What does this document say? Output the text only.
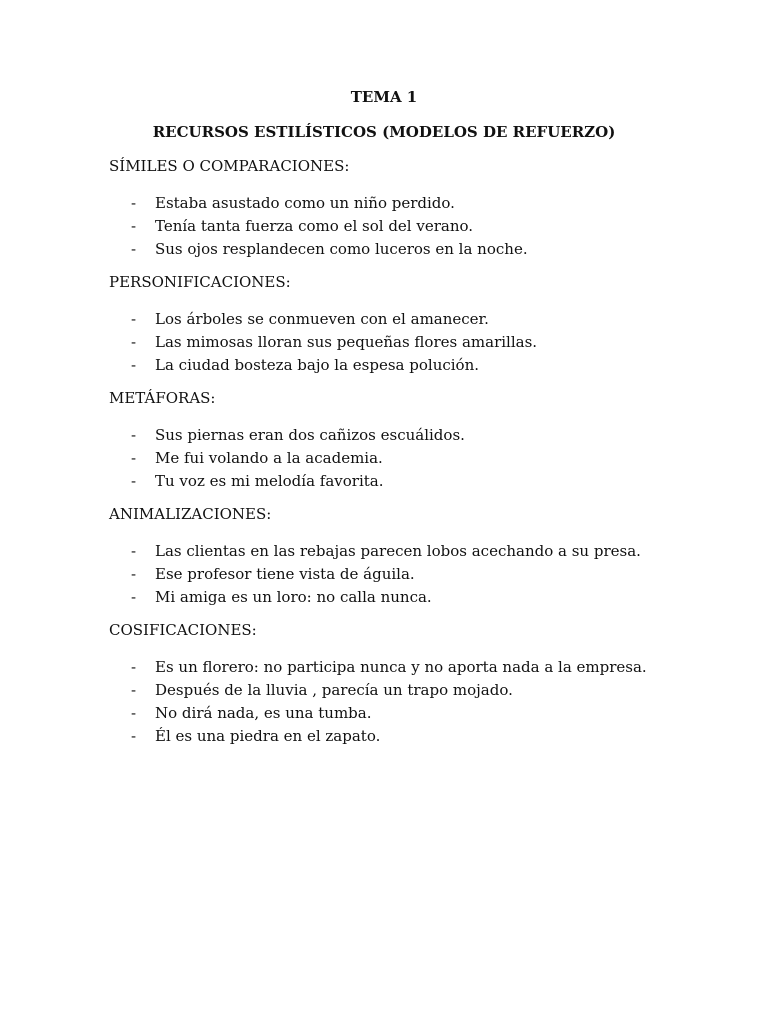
TEMA 1
RECURSOS ESTILÍSTICOS (MODELOS DE REFUERZO)

SÍMILES O COMPARACIONES:

- Estaba asustado como un niño perdido.
- Tenía tanta fuerza como el sol del verano.
- Sus ojos resplandecen como luceros en la noche.

PERSONIFICACIONES:

- Los árboles se conmueven con el amanecer.
- Las mimosas lloran sus pequeñas flores amarillas.
- La ciudad bosteza bajo la espesa polución.

METÁFORAS:

- Sus piernas eran dos cañizos escuálidos.
- Me fui volando a la academia.
- Tu voz es mi melodía favorita.

ANIMALIZACIONES:

- Las clientas en las rebajas parecen lobos acechando a su presa.
- Ese profesor tiene vista de águila.
- Mi amiga es un loro: no calla nunca.

COSIFICACIONES:

- Es un florero: no participa nunca y no aporta nada a la empresa.
- Después de la lluvia , parecía un trapo mojado.
- No dirá nada, es una tumba.
- Él es una piedra en el zapato.
